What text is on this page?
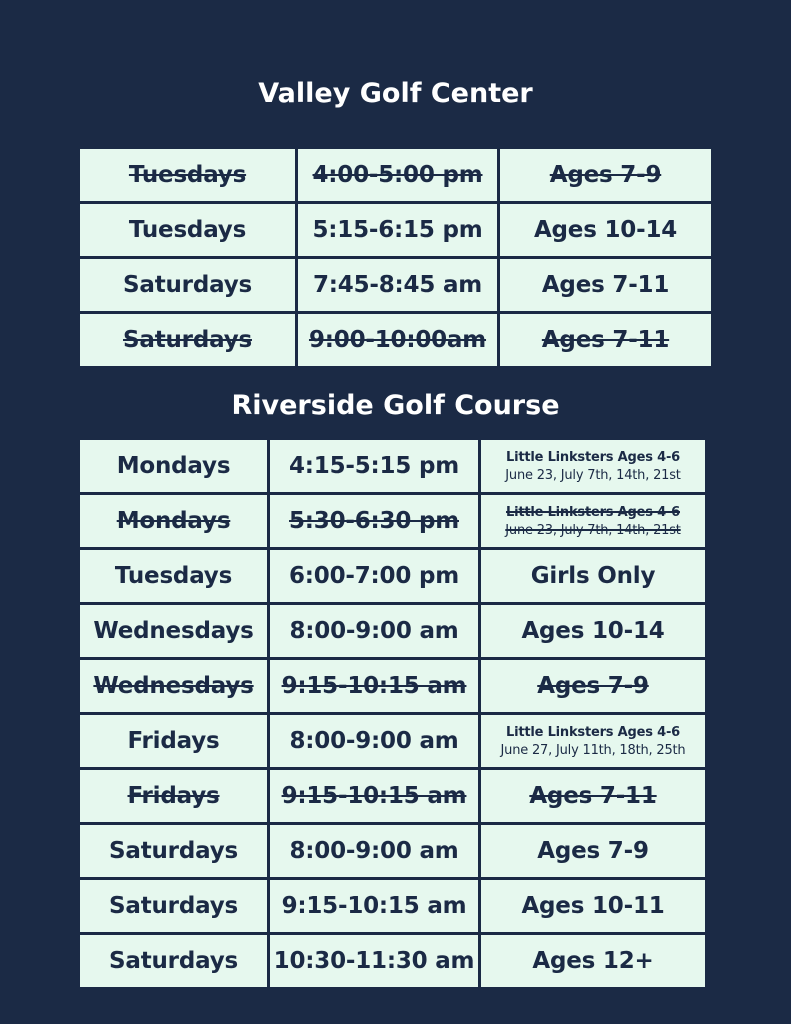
Valley Golf Center
Tuesdays	4:00-5:00 pm	Ages 7-9
Tuesdays	5:15-6:15 pm Ages 10-14
Saturdays	7:45-8:45 am	Ages 7-11
Saturdays 9:00-10:00am Ages 7-11
Riverside Golf Course
Mondays	4:15-5:15 pm	Little Linksters Ages 4-6
June 23, July 7th, 14th, 21st
Mondays	5:30-6:30 pm	Little Linksters Ages 4-6
June 23, July 7th, 14th, 21st
Tuesdays 6:00-7:00 pm	Girls Only
Wednesdays 8:00-9:00 am	Ages 10-14
Wednesdays 9:15-10:15 am	Ages 7-9
Fridays	8:00-9:00 am	Little Linksters Ages 4-6
June 27, July 11th, 18th, 25th
Fridays	9:15-10:15 am	Ages 7-11
Saturdays 8:00-9:00 am	Ages 7-9
Saturdays 9:15-10:15 am Ages 10-11
Saturdays 10:30-11:30 am	Ages 12+
